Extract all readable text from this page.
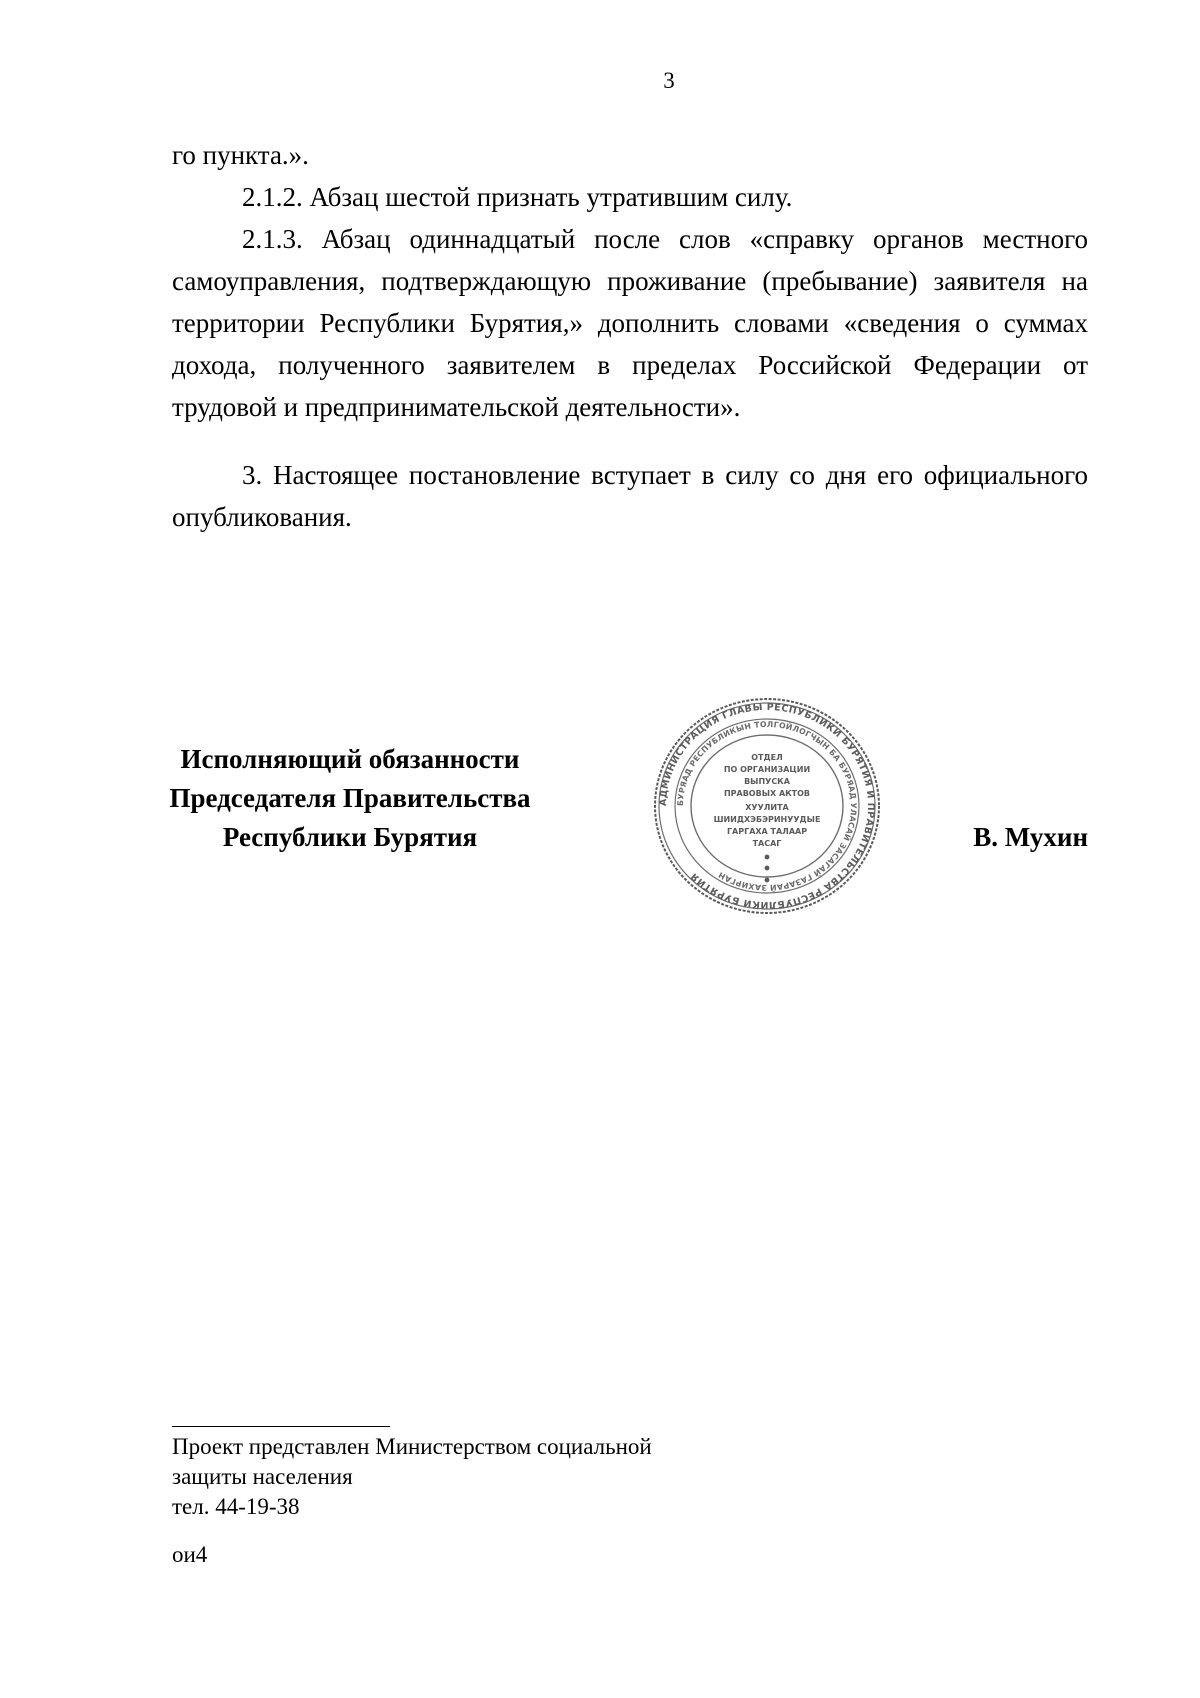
3

го пункта.».

2.1.2. Абзац шестой признать утратившим силу.

2.1.3. Абзац одиннадцатый после слов «справку органов местного самоуправления, подтверждающую проживание (пребывание) заявителя на территории Республики Бурятия,» дополнить словами «сведения о суммах дохода, полученного заявителем в пределах Российской Федерации от трудовой и предпринимательской деятельности».

3. Настоящее постановление вступает в силу со дня его официального опубликования.

Исполняющий обязанности
Председателя Правительства
Республики Бурятия
АДМИНИСТРАЦИЯ ГЛАВЫ РЕСПУБЛИКИ БУРЯТИЯ И ПРАВИТЕЛЬСТВА РЕСПУБЛИКИ БУРЯТИЯ
БУРЯАД РЕСПУБЛИКЫН ТОЛГОЙЛОГЧЫН БА БУРЯАД УЛАСАЙ ЗАСАГАЙ ГАЗАРАЙ ЗАХИРГАН
ОТДЕЛ
ПО ОРГАНИЗАЦИИ
ВЫПУСКА
ПРАВОВЫХ АКТОВ
ХУУЛИТА
ШИИДХЭБЭРИНУУДЫЕ
ГАРГАХА ТАЛААР
ТАСАГ	В. Мухин
Проект представлен Министерством социальной
защиты населения
тел. 44-19-38
ои4
